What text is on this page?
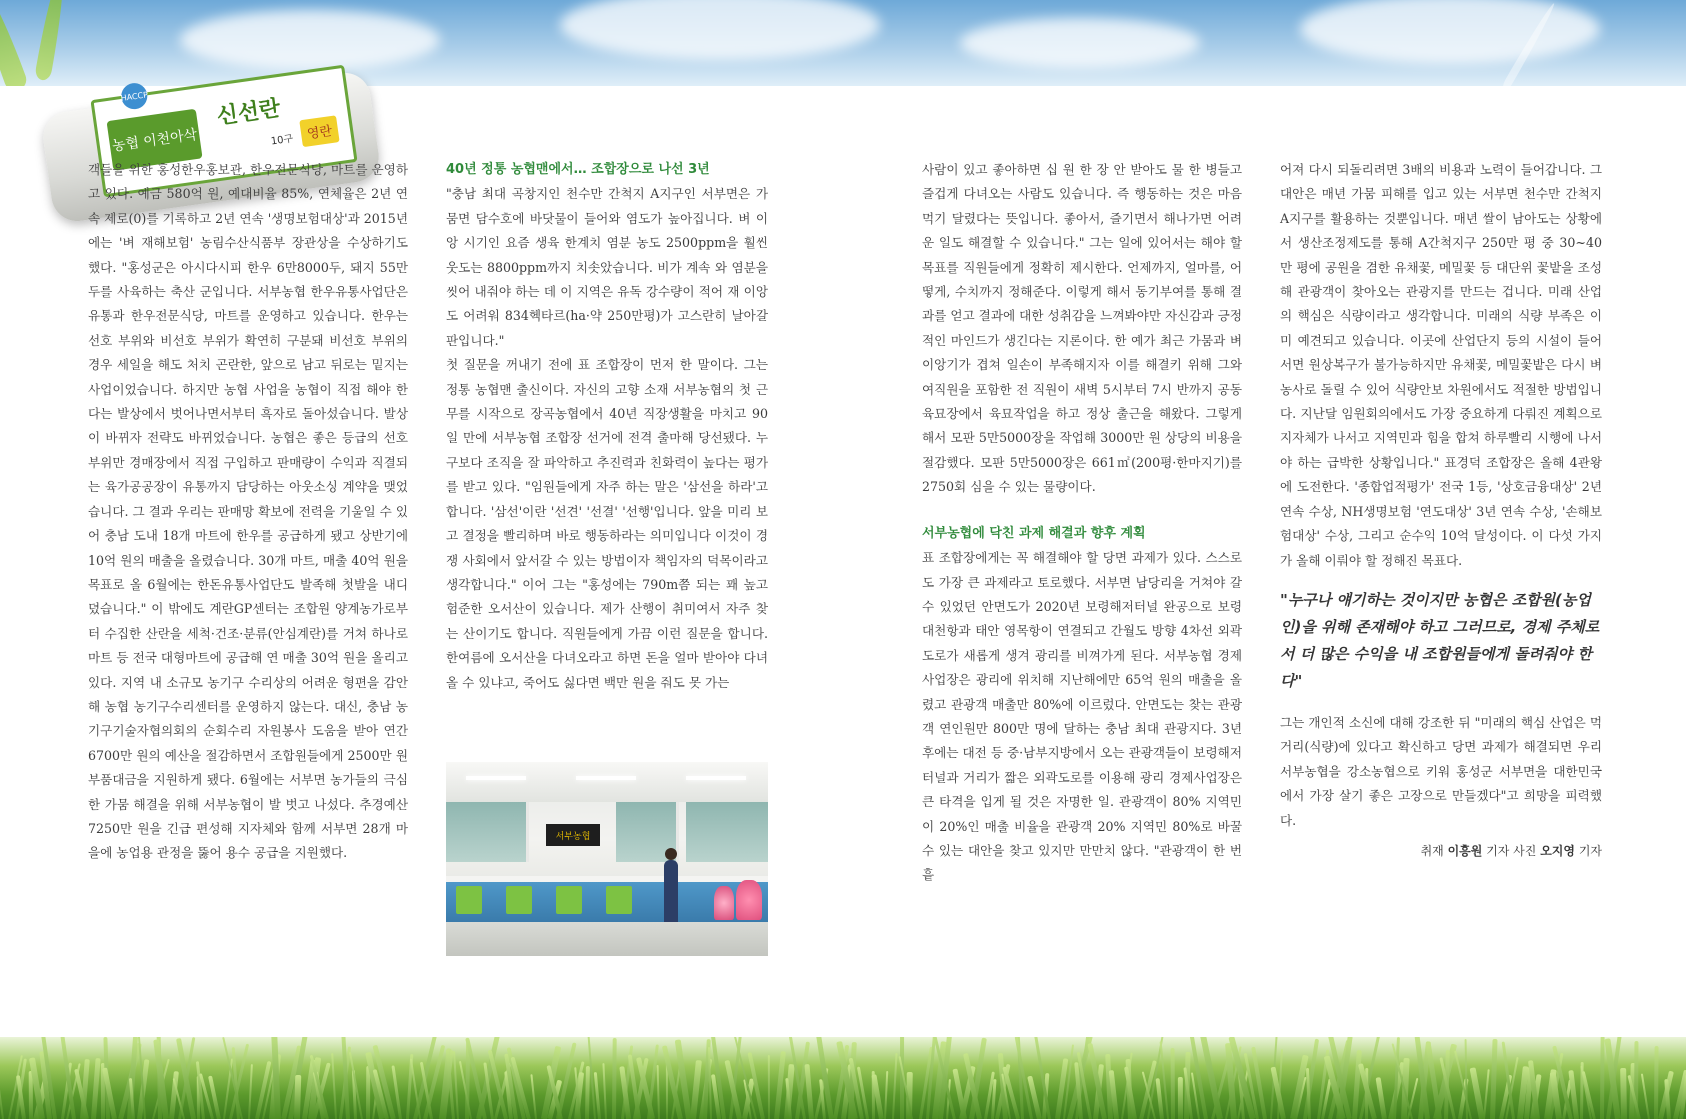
HACCP
농협 이천아삭
신선란
영란
10구

객들을 위한 홍성한우홍보관, 한우전문식당, 마트를 운영하고 있다. 예금 580억 원, 예대비율 85%, 연체율은 2년 연속 제로(0)를 기록하고 2년 연속 '생명보험대상'과 2015년에는 '벼 재해보험' 농림수산식품부 장관상을 수상하기도 했다. "홍성군은 아시다시피 한우 6만8000두, 돼지 55만두를 사육하는 축산 군입니다. 서부농협 한우유통사업단은 유통과 한우전문식당, 마트를 운영하고 있습니다. 한우는 선호 부위와 비선호 부위가 확연히 구분돼 비선호 부위의 경우 세일을 해도 처치 곤란한, 앞으로 남고 뒤로는 밑지는 사업이었습니다. 하지만 농협 사업을 농협이 직접 해야 한다는 발상에서 벗어나면서부터 흑자로 돌아섰습니다. 발상이 바뀌자 전략도 바뀌었습니다. 농협은 좋은 등급의 선호 부위만 경매장에서 직접 구입하고 판매량이 수익과 직결되는 육가공공장이 유통까지 담당하는 아웃소싱 계약을 맺었습니다. 그 결과 우리는 판매망 확보에 전력을 기울일 수 있어 충남 도내 18개 마트에 한우를 공급하게 됐고 상반기에 10억 원의 매출을 올렸습니다. 30개 마트, 매출 40억 원을 목표로 올 6월에는 한돈유통사업단도 발족해 첫발을 내디뎠습니다." 이 밖에도 계란GP센터는 조합원 양계농가로부터 수집한 산란을 세척·건조·분류(안심계란)를 거쳐 하나로마트 등 전국 대형마트에 공급해 연 매출 30억 원을 올리고 있다. 지역 내 소규모 농기구 수리상의 어려운 형편을 감안해 농협 농기구수리센터를 운영하지 않는다. 대신, 충남 농기구기술자협의회의 순회수리 자원봉사 도움을 받아 연간 6700만 원의 예산을 절감하면서 조합원들에게 2500만 원 부품대금을 지원하게 됐다. 6월에는 서부면 농가들의 극심한 가뭄 해결을 위해 서부농협이 발 벗고 나섰다. 추경예산 7250만 원을 긴급 편성해 지자체와 함께 서부면 28개 마을에 농업용 관정을 뚫어 용수 공급을 지원했다.

40년 정통 농협맨에서… 조합장으로 나선 3년

"충남 최대 곡창지인 천수만 간척지 A지구인 서부면은 가뭄면 담수호에 바닷물이 들어와 염도가 높아집니다. 벼 이앙 시기인 요즘 생육 한계치 염분 농도 2500ppm을 훨씬 웃도는 8800ppm까지 치솟았습니다. 비가 계속 와 염분을 씻어 내줘야 하는 데 이 지역은 유독 강수량이 적어 재 이앙도 어려워 834헥타르(ha·약 250만평)가 고스란히 날아갈 판입니다."

첫 질문을 꺼내기 전에 표 조합장이 먼저 한 말이다. 그는 정통 농협맨 출신이다. 자신의 고향 소재 서부농협의 첫 근무를 시작으로 장곡농협에서 40년 직장생활을 마치고 90일 만에 서부농협 조합장 선거에 전격 출마해 당선됐다. 누구보다 조직을 잘 파악하고 추진력과 친화력이 높다는 평가를 받고 있다. "임원들에게 자주 하는 말은 '삼선을 하라'고 합니다. '삼선'이란 '선견' '선결' '선행'입니다. 앞을 미리 보고 결정을 빨리하며 바로 행동하라는 의미입니다 이것이 경쟁 사회에서 앞서갈 수 있는 방법이자 책임자의 덕목이라고 생각합니다." 이어 그는 "홍성에는 790m쯤 되는 꽤 높고 험준한 오서산이 있습니다. 제가 산행이 취미여서 자주 찾는 산이기도 합니다. 직원들에게 가끔 이런 질문을 합니다. 한여름에 오서산을 다녀오라고 하면 돈을 얼마 받아야 다녀올 수 있냐고, 죽어도 싫다면 백만 원을 줘도 못 가는

서부농협

사람이 있고 좋아하면 십 원 한 장 안 받아도 물 한 병들고 즐겁게 다녀오는 사람도 있습니다. 즉 행동하는 것은 마음먹기 달렸다는 뜻입니다. 좋아서, 즐기면서 해나가면 어려운 일도 해결할 수 있습니다." 그는 일에 있어서는 해야 할 목표를 직원들에게 정확히 제시한다. 언제까지, 얼마를, 어떻게, 수치까지 정해준다. 이렇게 해서 동기부여를 통해 결과를 얻고 결과에 대한 성취감을 느껴봐야만 자신감과 긍정적인 마인드가 생긴다는 지론이다. 한 예가 최근 가뭄과 벼 이앙기가 겹쳐 일손이 부족해지자 이를 해결키 위해 그와 여직원을 포함한 전 직원이 새벽 5시부터 7시 반까지 공동육묘장에서 육묘작업을 하고 정상 출근을 해왔다. 그렇게 해서 모판 5만5000장을 작업해 3000만 원 상당의 비용을 절감했다. 모판 5만5000장은 661㎡(200평·한마지기)를 2750회 심을 수 있는 물량이다.

서부농협에 닥친 과제 해결과 향후 계획

표 조합장에게는 꼭 해결해야 할 당면 과제가 있다. 스스로도 가장 큰 과제라고 토로했다. 서부면 남당리을 거쳐야 갈 수 있었던 안면도가 2020년 보령해저터널 완공으로 보령 대천항과 태안 영목항이 연결되고 간월도 방향 4차선 외곽도로가 새롭게 생겨 광리를 비껴가게 된다. 서부농협 경제사업장은 광리에 위치해 지난해에만 65억 원의 매출을 올렸고 관광객 매출만 80%에 이르렀다. 안면도는 찾는 관광객 연인원만 800만 명에 달하는 충남 최대 관광지다. 3년 후에는 대전 등 중·남부지방에서 오는 관광객들이 보령해저터널과 거리가 짧은 외곽도로를 이용해 광리 경제사업장은 큰 타격을 입게 될 것은 자명한 일. 관광객이 80% 지역민이 20%인 매출 비율을 관광객 20% 지역민 80%로 바꿀 수 있는 대안을 찾고 있지만 만만치 않다. "관광객이 한 번 흩

어져 다시 되돌리려면 3배의 비용과 노력이 들어갑니다. 그 대안은 매년 가뭄 피해를 입고 있는 서부면 천수만 간척지 A지구를 활용하는 것뿐입니다. 매년 쌀이 남아도는 상황에서 생산조정제도를 통해 A간척지구 250만 평 중 30~40만 평에 공원을 겸한 유채꽃, 메밀꽃 등 대단위 꽃밭을 조성해 관광객이 찾아오는 관광지를 만드는 겁니다. 미래 산업의 핵심은 식량이라고 생각합니다. 미래의 식량 부족은 이미 예견되고 있습니다. 이곳에 산업단지 등의 시설이 들어서면 원상복구가 불가능하지만 유채꽃, 메밀꽃밭은 다시 벼농사로 돌릴 수 있어 식량안보 차원에서도 적절한 방법입니다. 지난달 임원회의에서도 가장 중요하게 다뤄진 계획으로 지자체가 나서고 지역민과 힘을 합쳐 하루빨리 시행에 나서야 하는 급박한 상황입니다." 표경덕 조합장은 올해 4관왕에 도전한다. '종합업적평가' 전국 1등, '상호금융대상' 2년 연속 수상, NH생명보험 '연도대상' 3년 연속 수상, '손해보험대상' 수상, 그리고 순수익 10억 달성이다. 이 다섯 가지가 올해 이뤄야 할 정해진 목표다.

"누구나 얘기하는 것이지만 농협은 조합원(농업인)을 위해 존재해야 하고 그러므로, 경제 주체로서 더 많은 수익을 내 조합원들에게 돌려줘야 한다"

그는 개인적 소신에 대해 강조한 뒤 "미래의 핵심 산업은 먹거리(식량)에 있다고 확신하고 당면 과제가 해결되면 우리 서부농협을 강소농협으로 키워 홍성군 서부면을 대한민국에서 가장 살기 좋은 고장으로 만들겠다"고 희망을 피력했다.

취재 이흥원 기자 사진 오지영 기자
